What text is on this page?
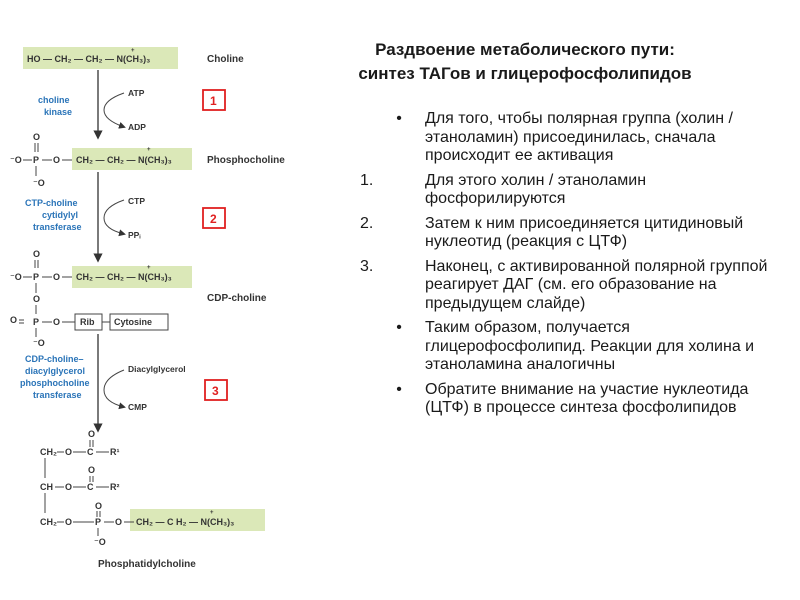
+
HO — CH₂ — CH₂ — N(CH₃)₃	Choline
choline
kinase
ATP
ADP
1
O
⁻O P O
⁻O
+
CH₂ — CH₂ — N(CH₃)₃	Phosphocholine
CTP-choline
cytidylyl
transferase
CTP
PPᵢ
2
O
⁻O P O
+
CH₂ — CH₂ — N(CH₃)₃
O
O P O Rib Cytosine
⁻O
CDP-choline
CDP-choline–
diacylglycerol
phosphocholine
transferase
Diacylglycerol
CMP
3
O
CH₂ O C R¹
O
CH O C R²
O
CH₂ O	P O
+
CH₂ — C H₂ — N(CH₃)₃
⁻O
Phosphatidylcholine
Раздвоение метаболического пути:
синтез ТАГов и глицерофосфолипидов
•	Для того, чтобы полярная группа (холин / этаноламин) присоединилась, сначала происходит ее активация
1.	Для этого холин / этаноламин фосфорилируются
2.	Затем к ним присоединяется цитидиновый нуклеотид (реакция с ЦТФ)
3.	Наконец, с активированной полярной группой реагирует ДАГ (см. его образование на предыдущем слайде)
•	Таким образом, получается глицерофосфолипид. Реакции для холина и этаноламина аналогичны
•	Обратите внимание на участие нуклеотида (ЦТФ) в процессе синтеза фосфолипидов
